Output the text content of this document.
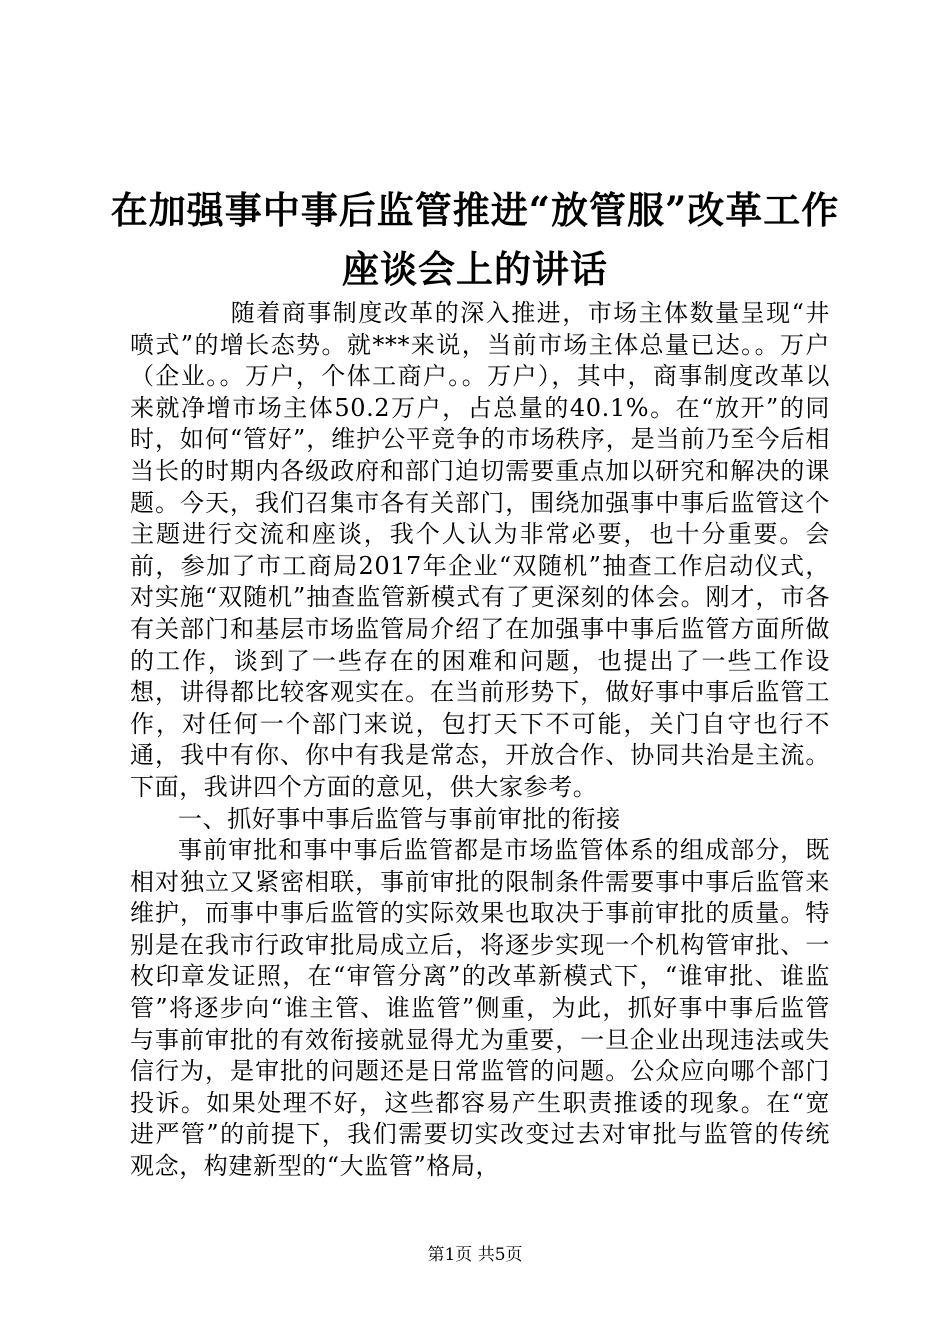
在加强事中事后监管推进“放管服”改革工作
座谈会上的讲话

随着商事制度改革的深入推进，市场主体数量呈现“井喷式”的增长态势。就***来说，当前市场主体总量已达。。万户（企业。。万户，个体工商户。。万户），其中，商事制度改革以来就净增市场主体50.2万户，占总量的40.1%。在“放开”的同时，如何“管好”，维护公平竞争的市场秩序，是当前乃至今后相当长的时期内各级政府和部门迫切需要重点加以研究和解决的课题。今天，我们召集市各有关部门，围绕加强事中事后监管这个主题进行交流和座谈，我个人认为非常必要，也十分重要。会前，参加了市工商局2017年企业“双随机”抽查工作启动仪式，对实施“双随机”抽查监管新模式有了更深刻的体会。刚才，市各有关部门和基层市场监管局介绍了在加强事中事后监管方面所做的工作，谈到了一些存在的困难和问题，也提出了一些工作设想，讲得都比较客观实在。在当前形势下，做好事中事后监管工作，对任何一个部门来说，包打天下不可能，关门自守也行不通，我中有你、你中有我是常态，开放合作、协同共治是主流。下面，我讲四个方面的意见，供大家参考。

一、抓好事中事后监管与事前审批的衔接

事前审批和事中事后监管都是市场监管体系的组成部分，既相对独立又紧密相联，事前审批的限制条件需要事中事后监管来维护，而事中事后监管的实际效果也取决于事前审批的质量。特别是在我市行政审批局成立后，将逐步实现一个机构管审批、一枚印章发证照，在“审管分离”的改革新模式下，“谁审批、谁监管”将逐步向“谁主管、谁监管”侧重，为此，抓好事中事后监管与事前审批的有效衔接就显得尤为重要，一旦企业出现违法或失信行为，是审批的问题还是日常监管的问题。公众应向哪个部门投诉。如果处理不好，这些都容易产生职责推诿的现象。在“宽进严管”的前提下，我们需要切实改变过去对审批与监管的传统观念，构建新型的“大监管”格局，

第1页 共5页
